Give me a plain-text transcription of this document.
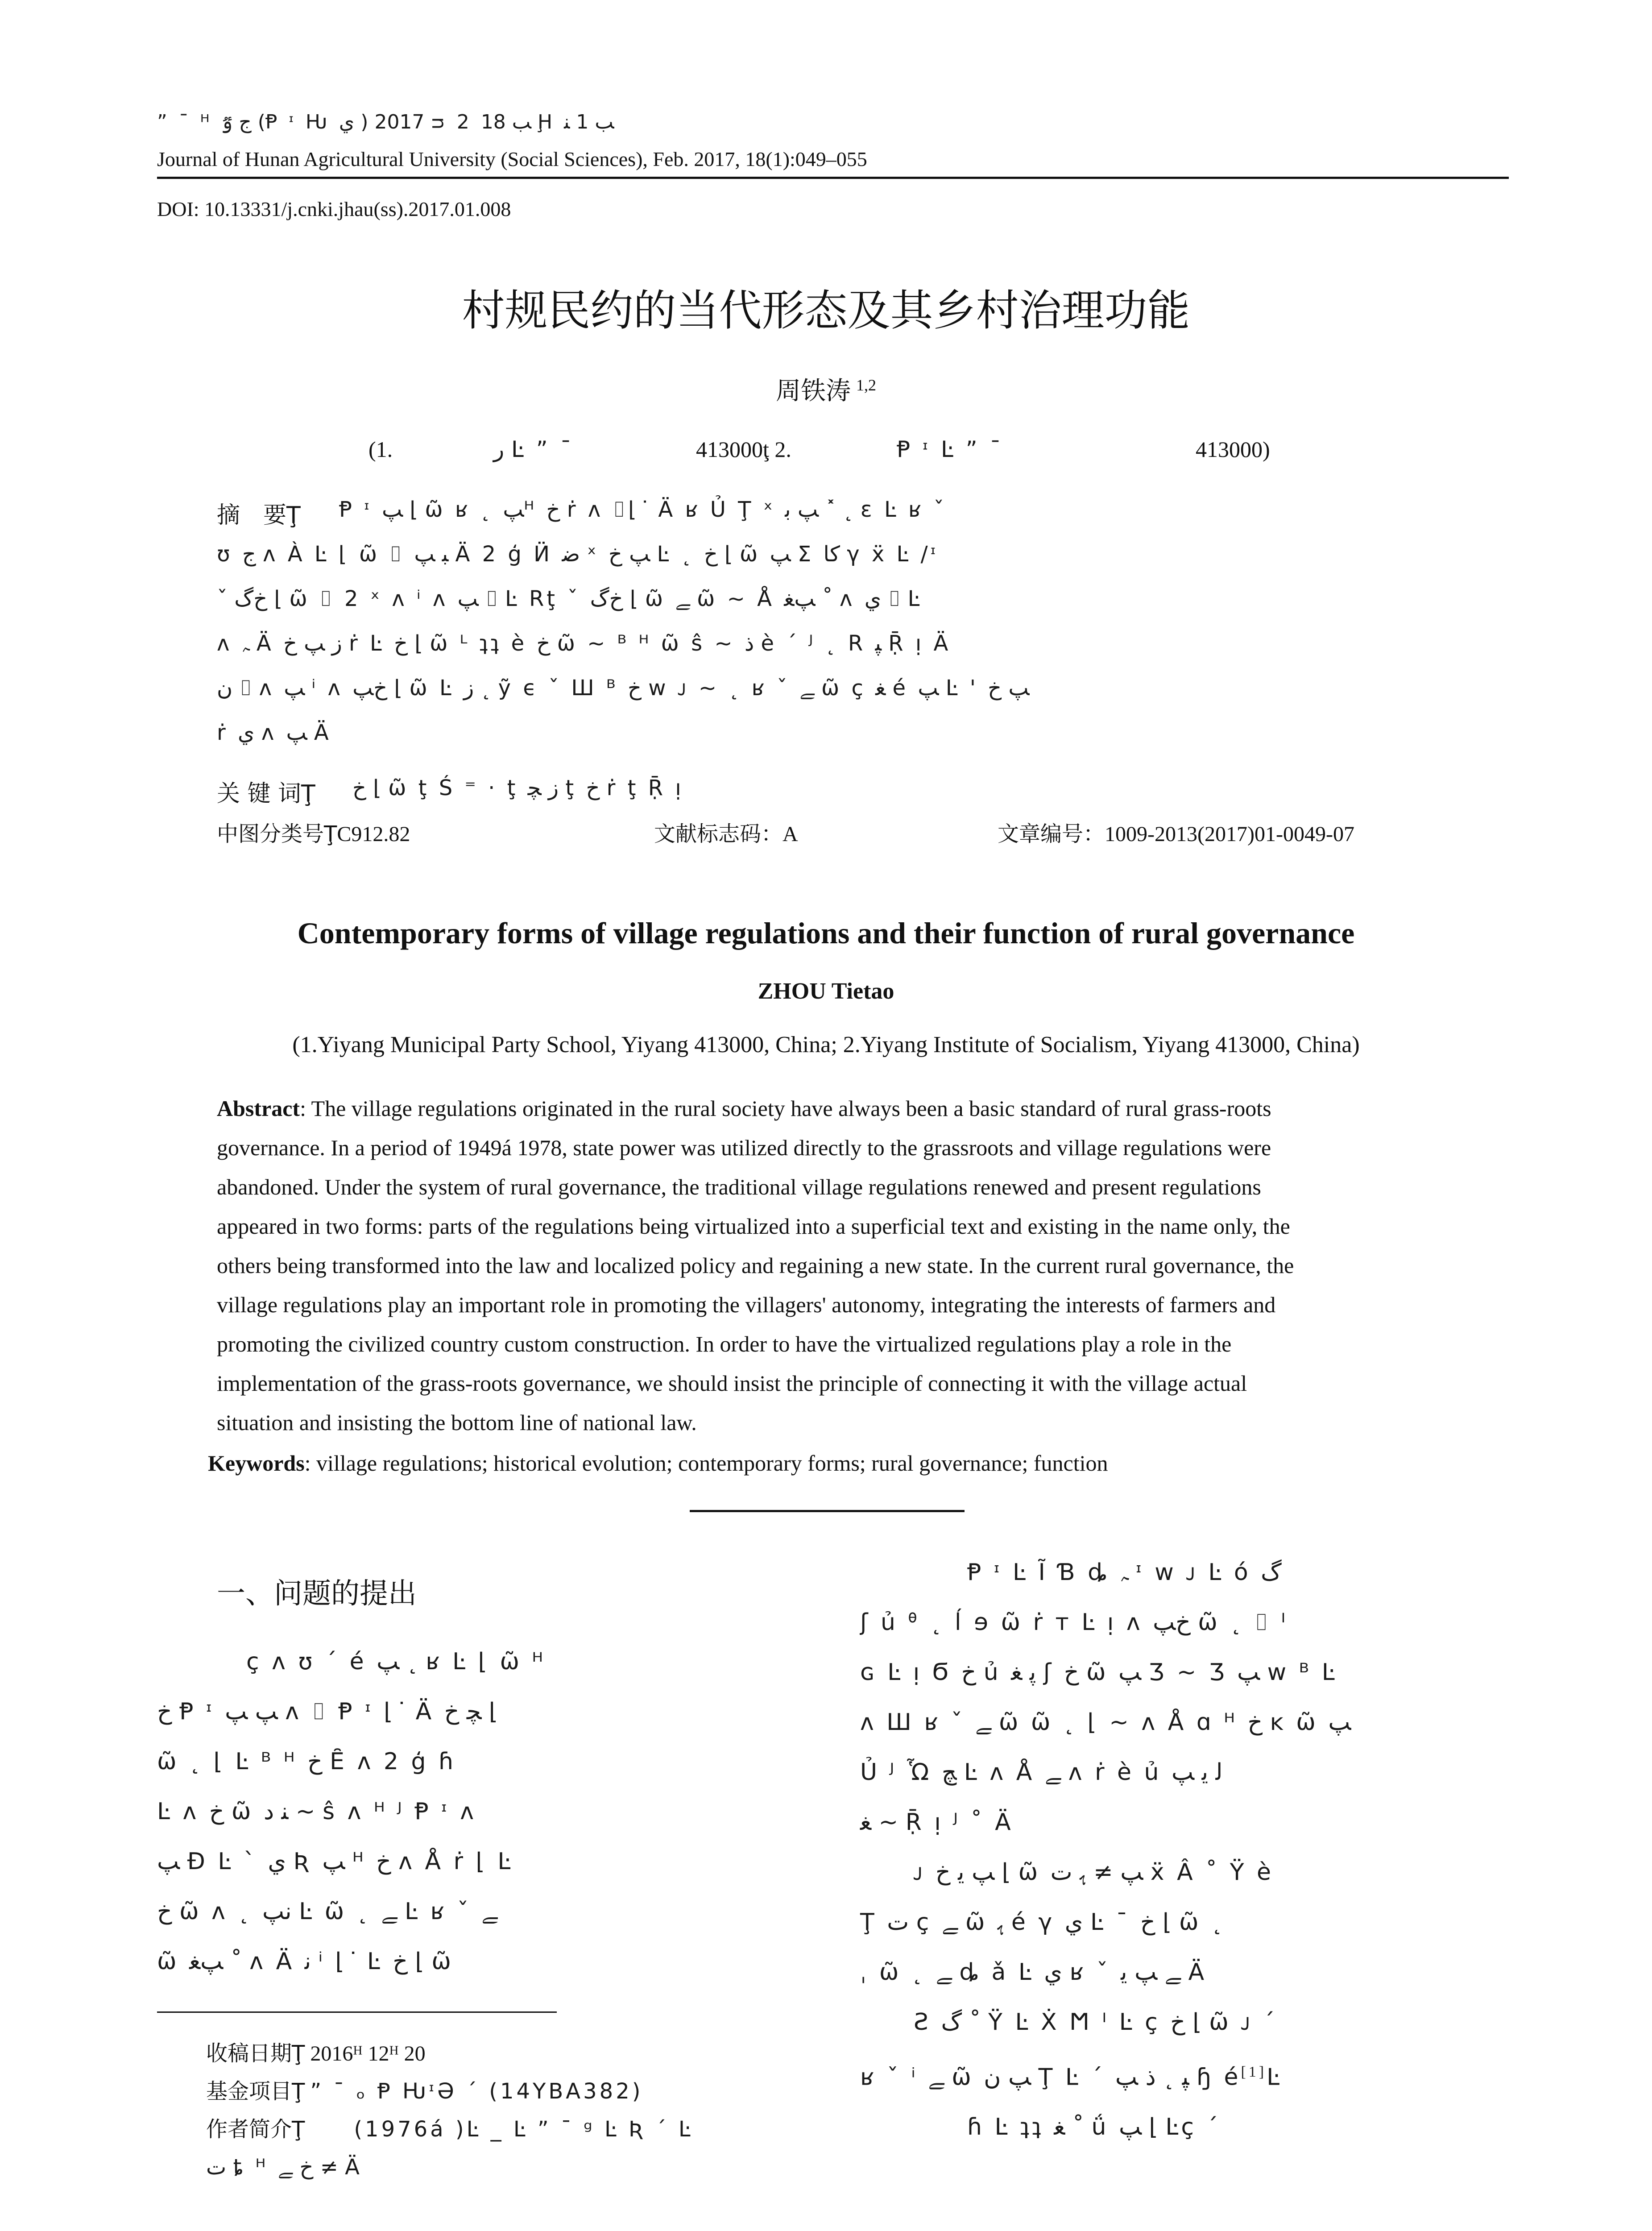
” ¯ ᴴ ﺝ ٷ (Ᵽ ᶦ Ƕ ي ) 2017 ᴝ 2 ﺐ 18 Ḩ ﺐ 1 ﻨ
Journal of Hunan Agricultural University (Social Sciences), Feb. 2017, 18(1):049–055
DOI: 10.13331/j.cnki.jhau(ss).2017.01.008
村规民约的当代形态及其乡村治理功能
周铁涛 $^{1,2}$
(1.	ﺭ Ŀ ” ¯	413000ţ 2.	Ᵽ ᶦ Ŀ ” ¯	413000)
摘　要Ţ Ᵽ ᶦ ﭗ ⌊ ῶ ʁ ˛ ﭗᴴ ﺥ ṙ ᴧ ⌷⌊ ͘ Ä ʁ Ủ Ţ ˣ ﭗ ﺑ ˟ ˛ ε Ŀ ʁ ˇ
ʊ ﺝ ᴧ À Ŀ ⌊ ῶ ⌷ ﺒ ﭗ Ä 2 ģ Ӥ ﺿ ˣ ﭗ ﺥ Ŀ ˛ ﺥ ⌊ ῶ ﭗ Σ ﮐﺎ γ ẍ Ŀ /ᶦ
ˇ ﺥﮒ ⌊ ῶ ⌷ 2 ˣ ᴧ ⁱ ᴧ ﭗ ⌷ Ŀ Rţ ˇ ﺥﮒ ⌊ ῶ ﮯ ῶ ~ Å ﭗﻐ ˚ ᴧ ي ⌷ Ŀ
ᴧ ﮧ Ä ﺯ ﭗ ﺥ ṙ Ŀ ﺥ ⌊ ῶ ᴸ ʇʇ è ﺥ ῶ ~ ᴮ ᴴ ῶ ŝ ~ ﺫ è ˊ ᴶ ˛ R ﭙ Ṝ ᴉ Ä
ﻥ ⌷ ᴧ ﭗ ⁱ ᴧ ﺥﭗ ⌊ ῶ Ŀ ﺯ ˛ ỹ ϵ ˇ Ш ᴮ ﺥ w ᴊ ~ ˛ ʁ ˇ ﮯ ῶ ç ﻐ é ﭗ Ŀ ' ﭗ ﺥ
ṙ ي ᴧ ﭗ Ä
关 键 词Ţ ﺥ ⌊ ῶ ţ Ś ⁼ · ţ ﺯ ﭽ ţ ﺥ ṙ ţ Ṝ ᴉ
中图分类号ŢC912.82	文献标志码：A	文章编号：1009-2013(2017)01-0049-07
Contemporary forms of village regulations and their function of rural governance
ZHOU Tietao
(1.Yiyang Municipal Party School, Yiyang 413000, China; 2.Yiyang Institute of Socialism, Yiyang 413000, China)
Abstract: The village regulations originated in the rural society have always been a basic standard of rural grass-roots
governance. In a period of 1949á 1978, state power was utilized directly to the grassroots and village regulations were
abandoned. Under the system of rural governance, the traditional village regulations renewed and present regulations
appeared in two forms: parts of the regulations being virtualized into a superficial text and existing in the name only, the
others being transformed into the law and localized policy and regaining a new state. In the current rural governance, the
village regulations play an important role in promoting the villagers' autonomy, integrating the interests of farmers and
promoting the civilized country custom construction. In order to have the virtualized regulations play a role in the
implementation of the grass-roots governance, we should insist the principle of connecting it with the village actual
situation and insisting the bottom line of national law.
Keywords: village regulations; historical evolution; contemporary forms; rural governance; function
一、问题的提出
ç ᴧ ʊ ˊ é ﭗ ˛ ʁ Ŀ ⌊ ῶ ᴴ
ﺥ Ᵽ ᶦ ﭗ ﭗ ᴧ ⌷ Ᵽ ᶦ ⌊ ͘ Ä ﭽ ﺥ ⌊
ῶ ˛ ⌊ Ŀ ᴮ ᴴ ﺥ Ȇ ᴧ 2 ģ ɦ
Ŀ ᴧ ﺥ ῶ ﻨ ﺩ ~ ŝ ᴧ ᴴ ᴶ Ᵽ ᶦ ᴧ
ﭗ Ɖ Ŀ ˋ ي Ʀ ﭗ ᴴ ﺥ ᴧ Å ṙ ⌊ Ŀ
ﺥ ῶ ᴧ ˛ ﻧﭗ Ŀ ῶ ˛ ﮯ Ŀ ʁ ˇ ﮯ
ῶ ﭗﻐ ˚ ᴧ Ä ﻧ ⁱ ⌊ ͘ Ŀ ﺥ ⌊ ῶ
收稿日期Ţ 2016ᴴ 12ᴴ 20
基金项目Ţ ” ¯ ₒ Ᵽ ǶᶦƏ ˊ (14YBA382)
作者简介Ţ (1976á )Ŀ _ Ŀ ” ¯ ᵍ Ŀ Ʀ ˊ Ŀ
ﺕ ȶ ᴴ ﺥ ﮯ ≠ Ä
Ᵽ ᶦ Ŀ Ĩ Ɓ ȡ ﮧ ᶦ w ᴊ Ŀ ó ﮒ
ʃ ủ ᶿ ˛ ĺ ɘ ῶ ṙ т Ŀ ᴉ ᴧ ﺥﭗ ῶ ˛ ⌷ ᴵ
ɢ Ŀ ᴉ Ϭ ﺥ ủ ﭘ ﻐ ʃ ﺥ ῶ ﭗ Ʒ ~ Ʒ ﭗ w ᴮ Ŀ
ᴧ Ш ʁ ˇ ﮯ ῶ ῶ ˛ ⌊ ~ ᴧ Å ɑ ᴴ ﺥ ĸ ῶ ﭗ
Ủ ᴶ Ὧ ﭻ Ŀ ᴧ Å ﮯ ᴧ ṙ è ủ ﻟ ﻳ ﭗ
ﻐ ~ Ṝ ᴉ ᴶ ˚ Ä
ᴊ ﭗ ﻳ ﺥ ⌊ ῶ ﭗ ≠ ﮨ ﺕ ẍ Â ˚ Ÿ è
Ţ ﺕ ç ﮯ ῶ ﮨ é γ ي Ŀ ¯ ﺥ ⌊ ῶ ˛
ˌ ῶ ˛ ﮯ ȡ ǎ Ŀ ي ʁ ˇ ﮯ ﭗ ﻳ Ä
Ƨ ﮒ ˚ Ÿ Ŀ Ẋ Ϻ ᴵ Ŀ ç ﺥ ⌊ ῶ ᴊ ˊ
ʁ ˇ ⁱ ﮯ ῶ ﭗ ﻥ Ţ Ŀ ˊ ﭙ ˛ ﺫ ﭗ ɧ é[1]Ŀ
ɦ Ŀ ʇʇ ﻐ ˚ ǘ ﭗ ⌊ Ŀç ˊ
